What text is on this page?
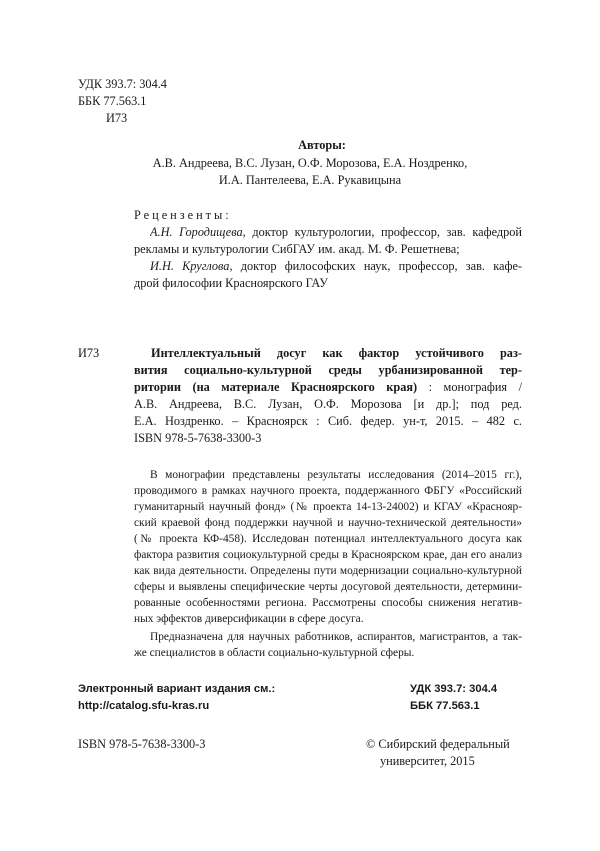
УДК 393.7: 304.4
ББК 77.563.1
И73
Авторы:
А.В. Андреева, В.С. Лузан, О.Ф. Морозова, Е.А. Ноздренко,
И.А. Пантелеева, Е.А. Рукавицына
Рецензенты:
А.Н. Городищева, доктор культурологии, профессор, зав. кафедрой
рекламы и культурологии СибГАУ им. акад. М. Ф. Решетнева;
И.Н. Круглова, доктор философских наук, профессор, зав. кафе-
дрой философии Красноярского ГАУ
И73	Интеллектуальный досуг как фактор устойчивого раз-
вития социально-культурной среды урбанизированной тер-
ритории (на материале Красноярского края) : монография /
А.В. Андреева, В.С. Лузан, О.Ф. Морозова [и др.]; под ред.
Е.А. Ноздренко. – Красноярск : Сиб. федер. ун-т, 2015. – 482 с.
ISBN 978-5-7638-3300-3
В монографии представлены результаты исследования (2014–2015 гг.),
проводимого в рамках научного проекта, поддержанного ФБГУ «Российский
гуманитарный научный фонд» (№ проекта 14-13-24002) и КГАУ «Краснояр-
ский краевой фонд поддержки научной и научно-технической деятельности»
(№ проекта КФ-458). Исследован потенциал интеллектуального досуга как
фактора развития социокультурной среды в Красноярском крае, дан его анализ
как вида деятельности. Определены пути модернизации социально-культурной
сферы и выявлены специфические черты досуговой деятельности, детермини-
рованные особенностями региона. Рассмотрены способы снижения негатив-
ных эффектов диверсификации в сфере досуга.
Предназначена для научных работников, аспирантов, магистрантов, а так-
же специалистов в области социально-культурной сферы.
Электронный вариант издания см.:
http://catalog.sfu-kras.ru
УДК 393.7: 304.4
ББК 77.563.1
ISBN 978-5-7638-3300-3	© Сибирский федеральный
университет, 2015
